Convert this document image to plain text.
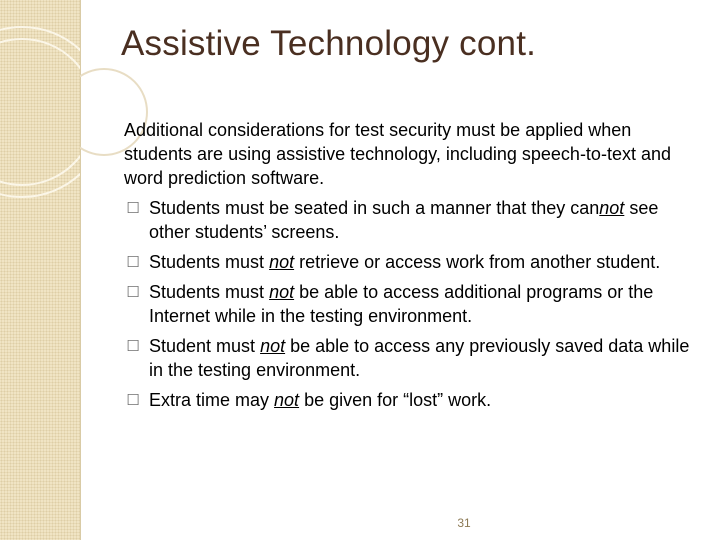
Assistive Technology cont.

Additional considerations for test security must be applied when students are using assistive technology, including speech-to-text and word prediction software.

☐ Students must be seated in such a manner that they cannot see other students’ screens.
☐ Students must not retrieve or access work from another student.
☐ Students must not be able to access additional programs or the Internet while in the testing environment.
☐ Student must not be able to access any previously saved data while in the testing environment.
☐ Extra time may not be given for “lost” work.
31
